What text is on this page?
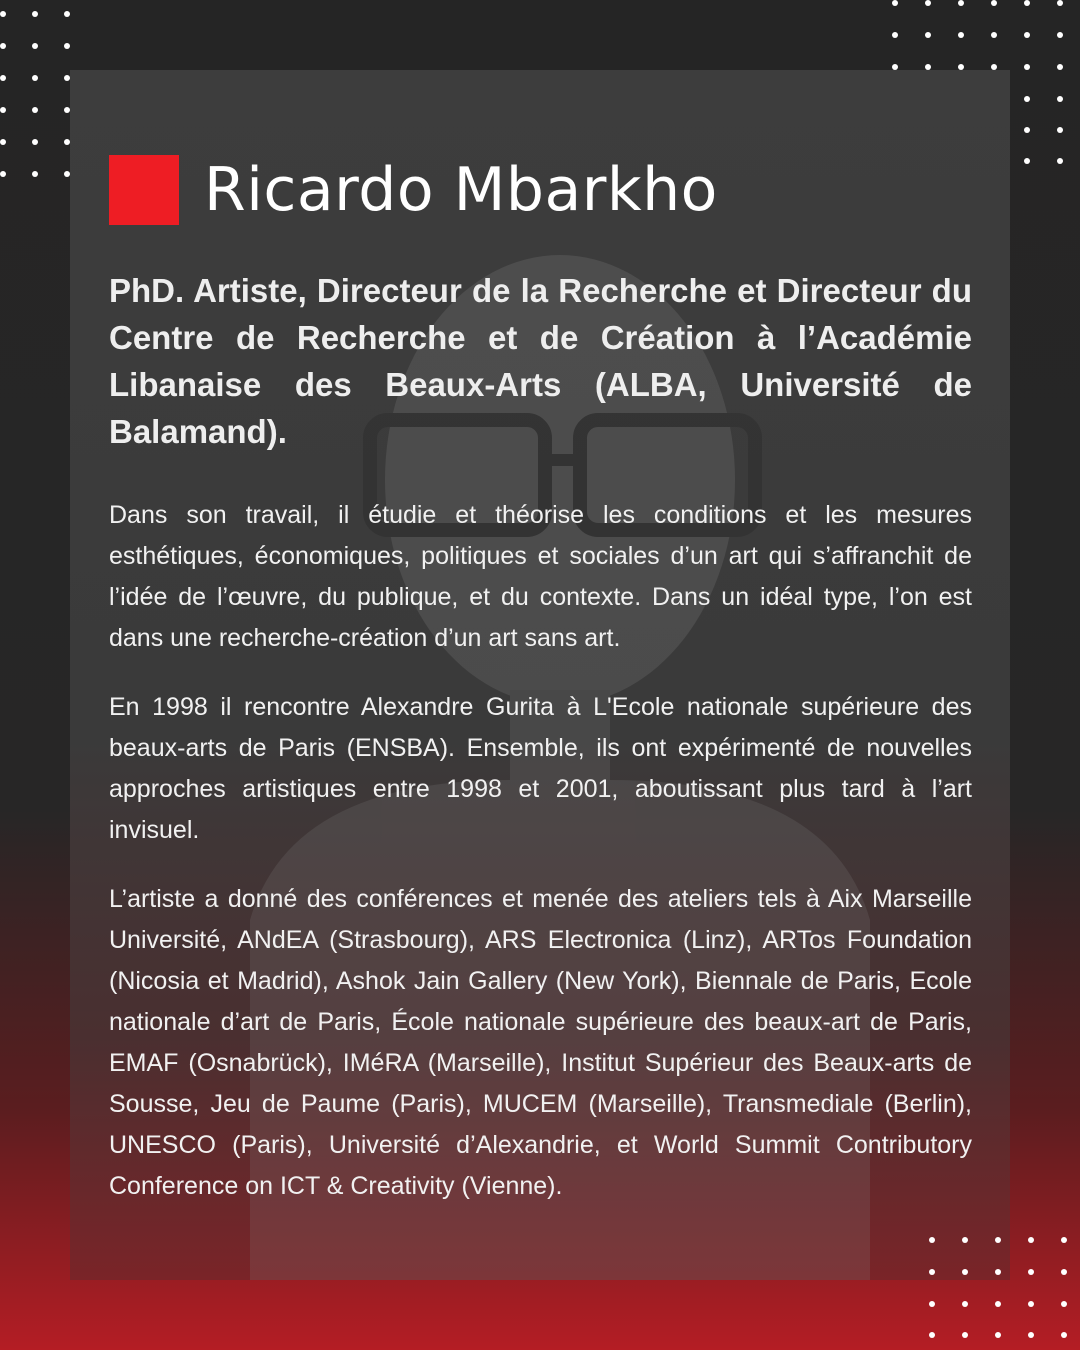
Ricardo Mbarkho
PhD. Artiste, Directeur de la Recherche et Directeur du Centre de Recherche et de Création à l’Académie Libanaise des Beaux-Arts (ALBA, Université de Balamand).

Dans son travail, il étudie et théorise les conditions et les mesures esthétiques, économiques, politiques et sociales d’un art qui s’affranchit de l’idée de l’œuvre, du publique, et du contexte. Dans un idéal type, l’on est dans une recherche-création d’un art sans art.

En 1998 il rencontre Alexandre Gurita à L'Ecole nationale supérieure des beaux-arts de Paris (ENSBA). Ensemble, ils ont expérimenté de nouvelles approches artistiques entre 1998 et 2001, aboutissant plus tard à l’art invisuel.

L’artiste a donné des conférences et menée des ateliers tels à Aix Marseille Université, ANdEA (Strasbourg), ARS Electronica (Linz), ARTos Foundation (Nicosia et Madrid), Ashok Jain Gallery (New York), Biennale de Paris, Ecole nationale d’art de Paris, École nationale supérieure des beaux-art de Paris, EMAF (Osnabrück), IMéRA (Marseille), Institut Supérieur des Beaux-arts de Sousse, Jeu de Paume (Paris), MUCEM (Marseille), Transmediale (Berlin), UNESCO (Paris), Université d’Alexandrie, et World Summit Contributory Conference on ICT & Creativity (Vienne).
